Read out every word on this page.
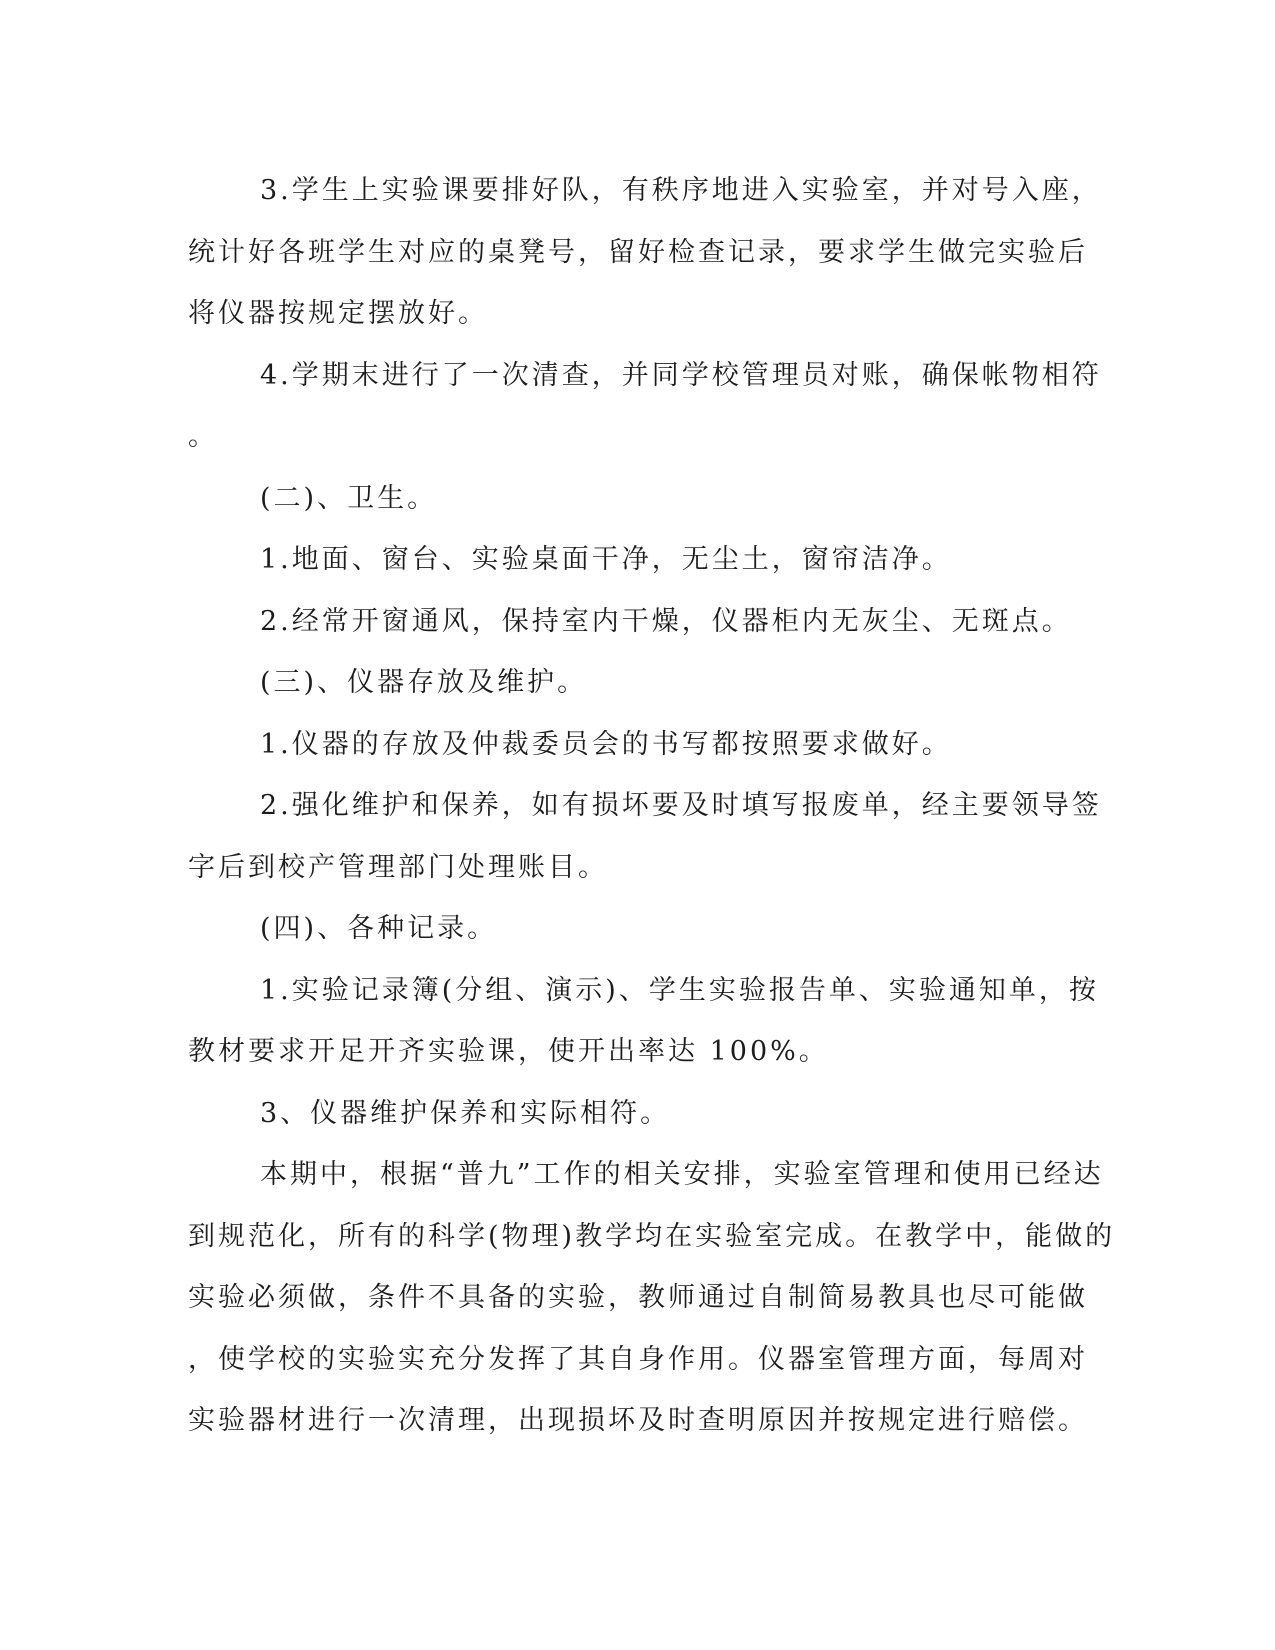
3.学生上实验课要排好队，有秩序地进入实验室，并对号入座，
统计好各班学生对应的桌凳号，留好检查记录，要求学生做完实验后
将仪器按规定摆放好。
4.学期末进行了一次清查，并同学校管理员对账，确保帐物相符
。
(二)、卫生。
1.地面、窗台、实验桌面干净，无尘土，窗帘洁净。
2.经常开窗通风，保持室内干燥，仪器柜内无灰尘、无斑点。
(三)、仪器存放及维护。
1.仪器的存放及仲裁委员会的书写都按照要求做好。
2.强化维护和保养，如有损坏要及时填写报废单，经主要领导签
字后到校产管理部门处理账目。
(四)、各种记录。
1.实验记录簿(分组、演示)、学生实验报告单、实验通知单，按
教材要求开足开齐实验课，使开出率达 100%。
3、仪器维护保养和实际相符。
本期中，根据“普九”工作的相关安排，实验室管理和使用已经达
到规范化，所有的科学(物理)教学均在实验室完成。在教学中，能做的
实验必须做，条件不具备的实验，教师通过自制简易教具也尽可能做
，使学校的实验实充分发挥了其自身作用。仪器室管理方面，每周对
实验器材进行一次清理，出现损坏及时查明原因并按规定进行赔偿。
